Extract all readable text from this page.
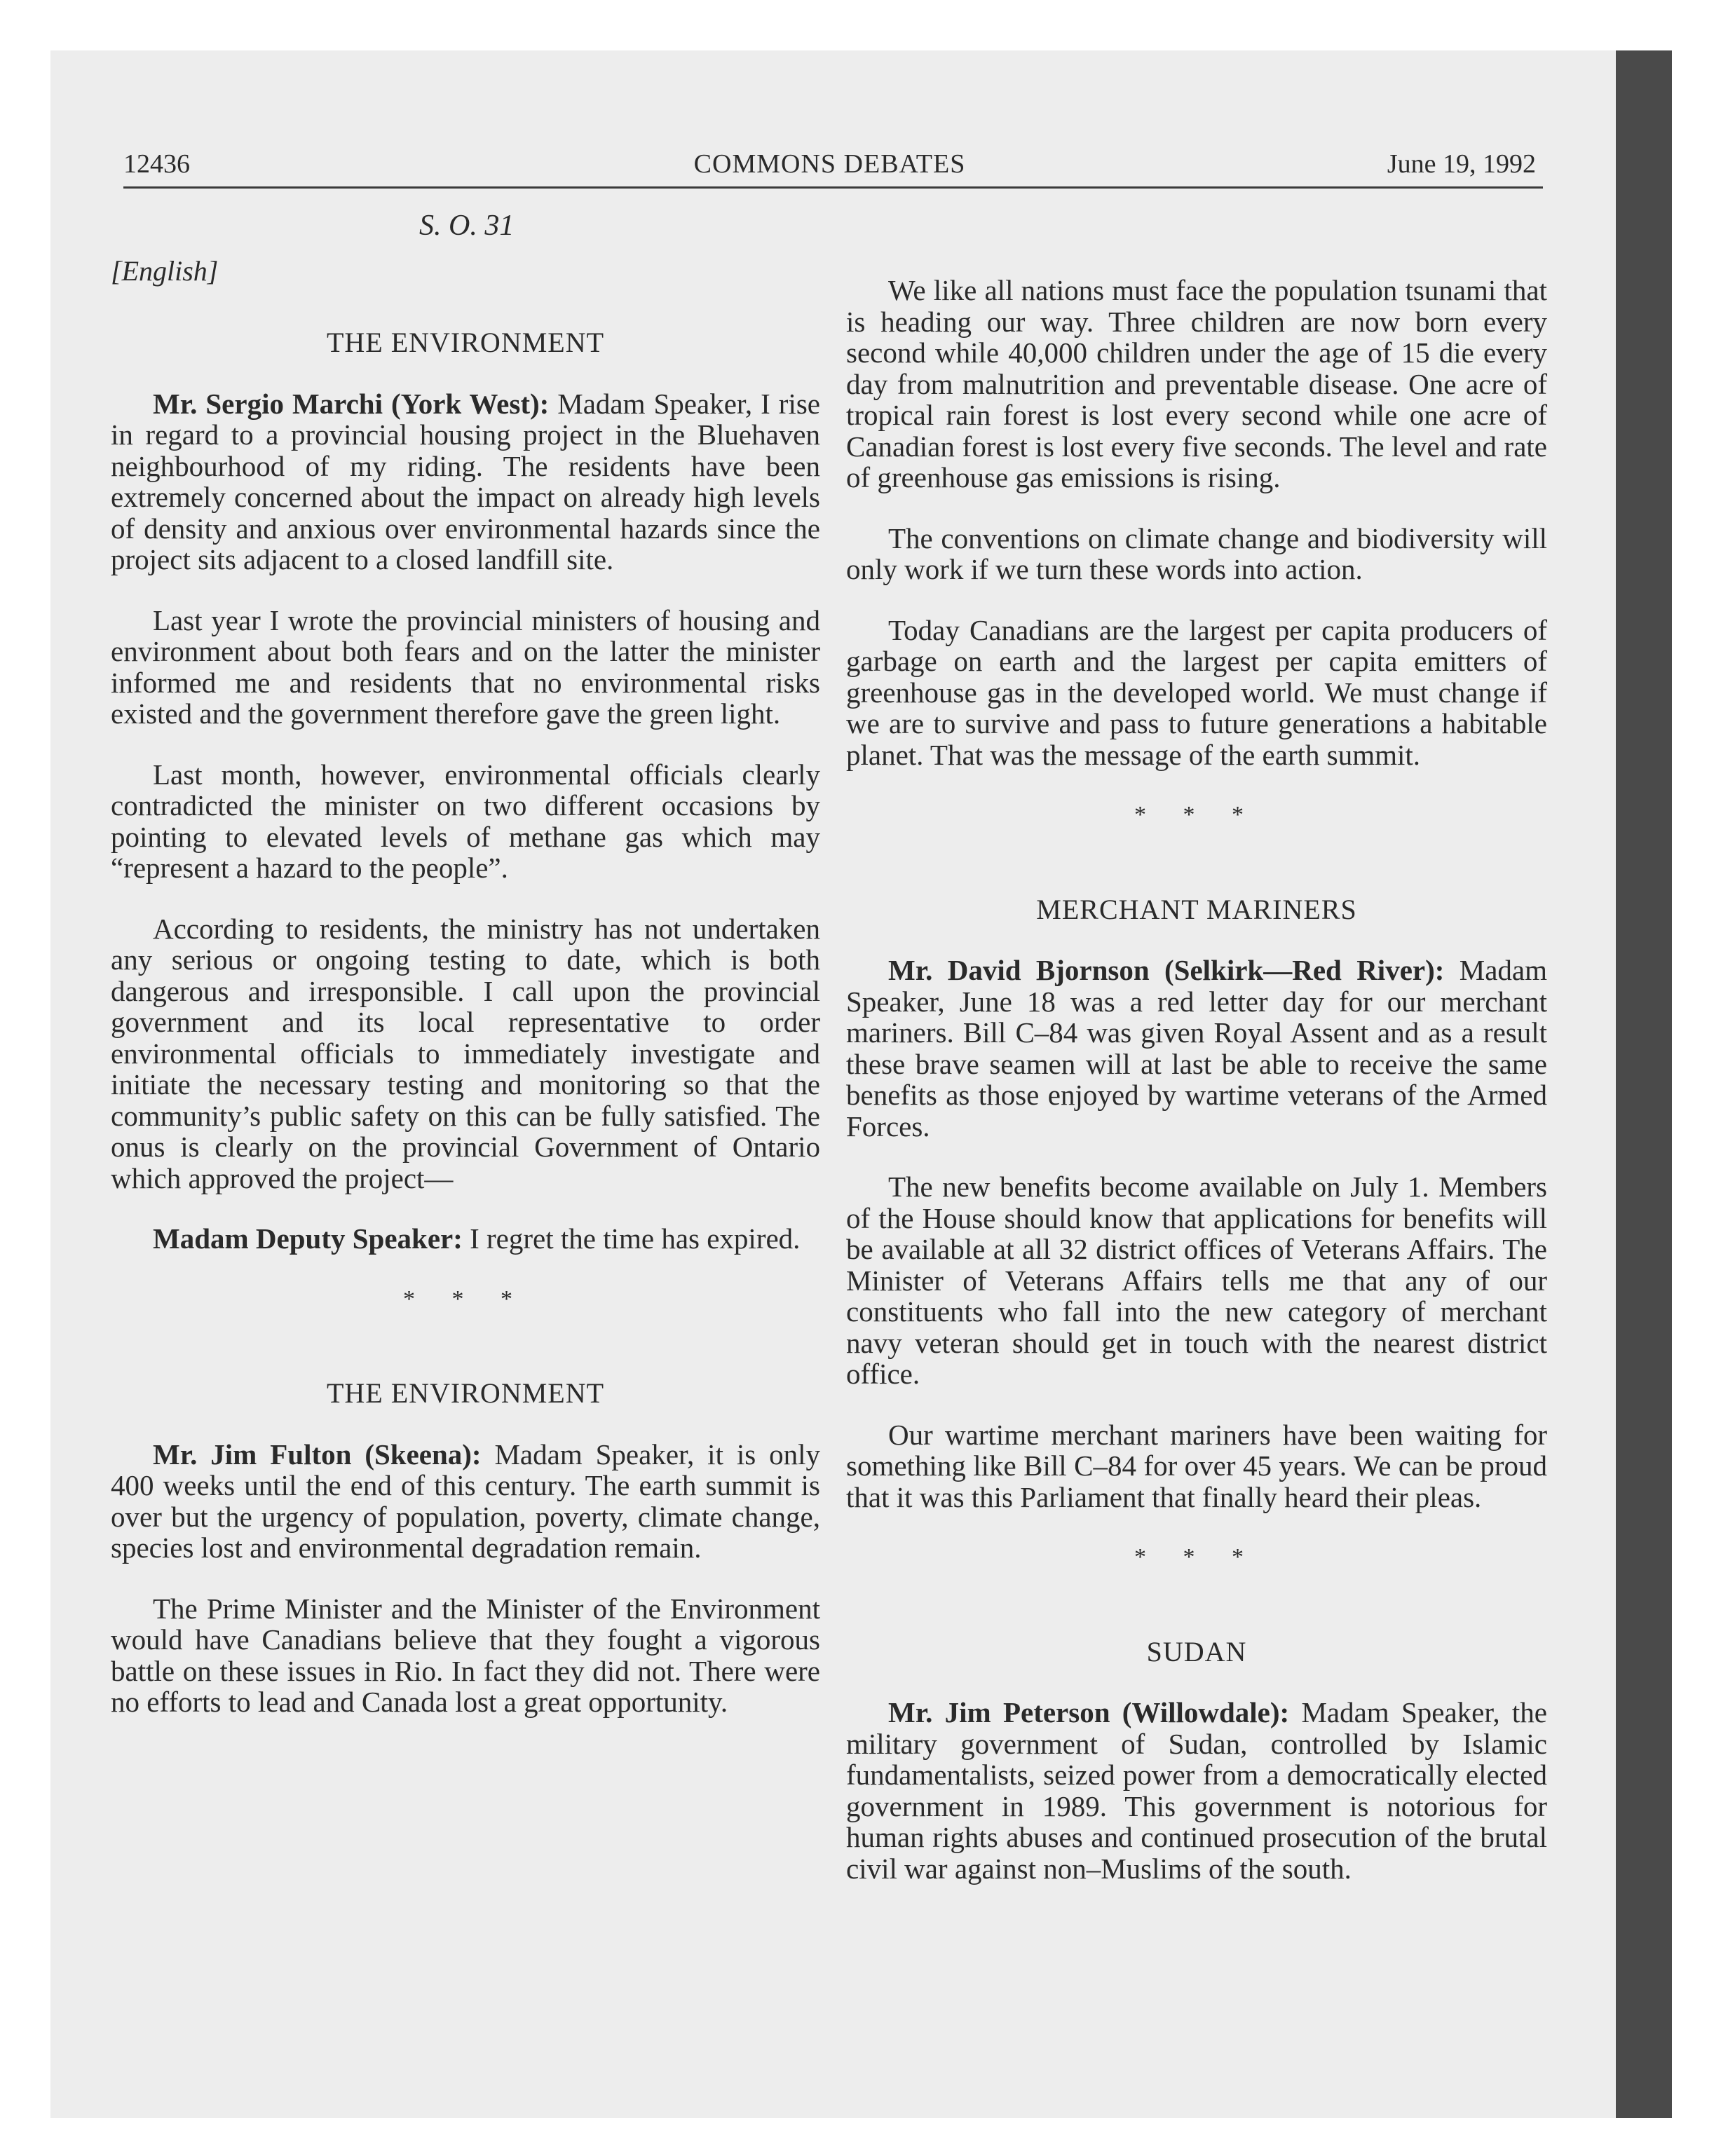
12436	COMMONS DEBATES	June 19, 1992
S. O. 31
[English]
THE ENVIRONMENT

Mr. Sergio Marchi (York West): Madam Speaker, I rise in regard to a provincial housing project in the Bluehaven neighbourhood of my riding. The residents have been extremely concerned about the impact on already high levels of density and anxious over environmental hazards since the project sits adjacent to a closed landfill site.

Last year I wrote the provincial ministers of housing and environment about both fears and on the latter the minister informed me and residents that no environmental risks existed and the government therefore gave the green light.

Last month, however, environmental officials clearly contradicted the minister on two different occasions by pointing to elevated levels of methane gas which may “represent a hazard to the people”.

According to residents, the ministry has not undertaken any serious or ongoing testing to date, which is both dangerous and irresponsible. I call upon the provincial government and its local representative to order environmental officials to immediately investigate and initiate the necessary testing and monitoring so that the community’s public safety on this can be fully satisfied. The onus is clearly on the provincial Government of Ontario which approved the project—

Madam Deputy Speaker: I regret the time has expired.

* * *
THE ENVIRONMENT

Mr. Jim Fulton (Skeena): Madam Speaker, it is only 400 weeks until the end of this century. The earth summit is over but the urgency of population, poverty, climate change, species lost and environmental degradation remain.

The Prime Minister and the Minister of the Environment would have Canadians believe that they fought a vigorous battle on these issues in Rio. In fact they did not. There were no efforts to lead and Canada lost a great opportunity.

We like all nations must face the population tsunami that is heading our way. Three children are now born every second while 40,000 children under the age of 15 die every day from malnutrition and preventable disease. One acre of tropical rain forest is lost every second while one acre of Canadian forest is lost every five seconds. The level and rate of greenhouse gas emissions is rising.

The conventions on climate change and biodiversity will only work if we turn these words into action.

Today Canadians are the largest per capita producers of garbage on earth and the largest per capita emitters of greenhouse gas in the developed world. We must change if we are to survive and pass to future generations a habitable planet. That was the message of the earth summit.

* * *
MERCHANT MARINERS

Mr. David Bjornson (Selkirk—Red River): Madam Speaker, June 18 was a red letter day for our merchant mariners. Bill C–84 was given Royal Assent and as a result these brave seamen will at last be able to receive the same benefits as those enjoyed by wartime veterans of the Armed Forces.

The new benefits become available on July 1. Members of the House should know that applications for benefits will be available at all 32 district offices of Veterans Affairs. The Minister of Veterans Affairs tells me that any of our constituents who fall into the new category of merchant navy veteran should get in touch with the nearest district office.

Our wartime merchant mariners have been waiting for something like Bill C–84 for over 45 years. We can be proud that it was this Parliament that finally heard their pleas.

* * *
SUDAN

Mr. Jim Peterson (Willowdale): Madam Speaker, the military government of Sudan, controlled by Islamic fundamentalists, seized power from a democratically elected government in 1989. This government is notorious for human rights abuses and continued prosecution of the brutal civil war against non–Muslims of the south.
